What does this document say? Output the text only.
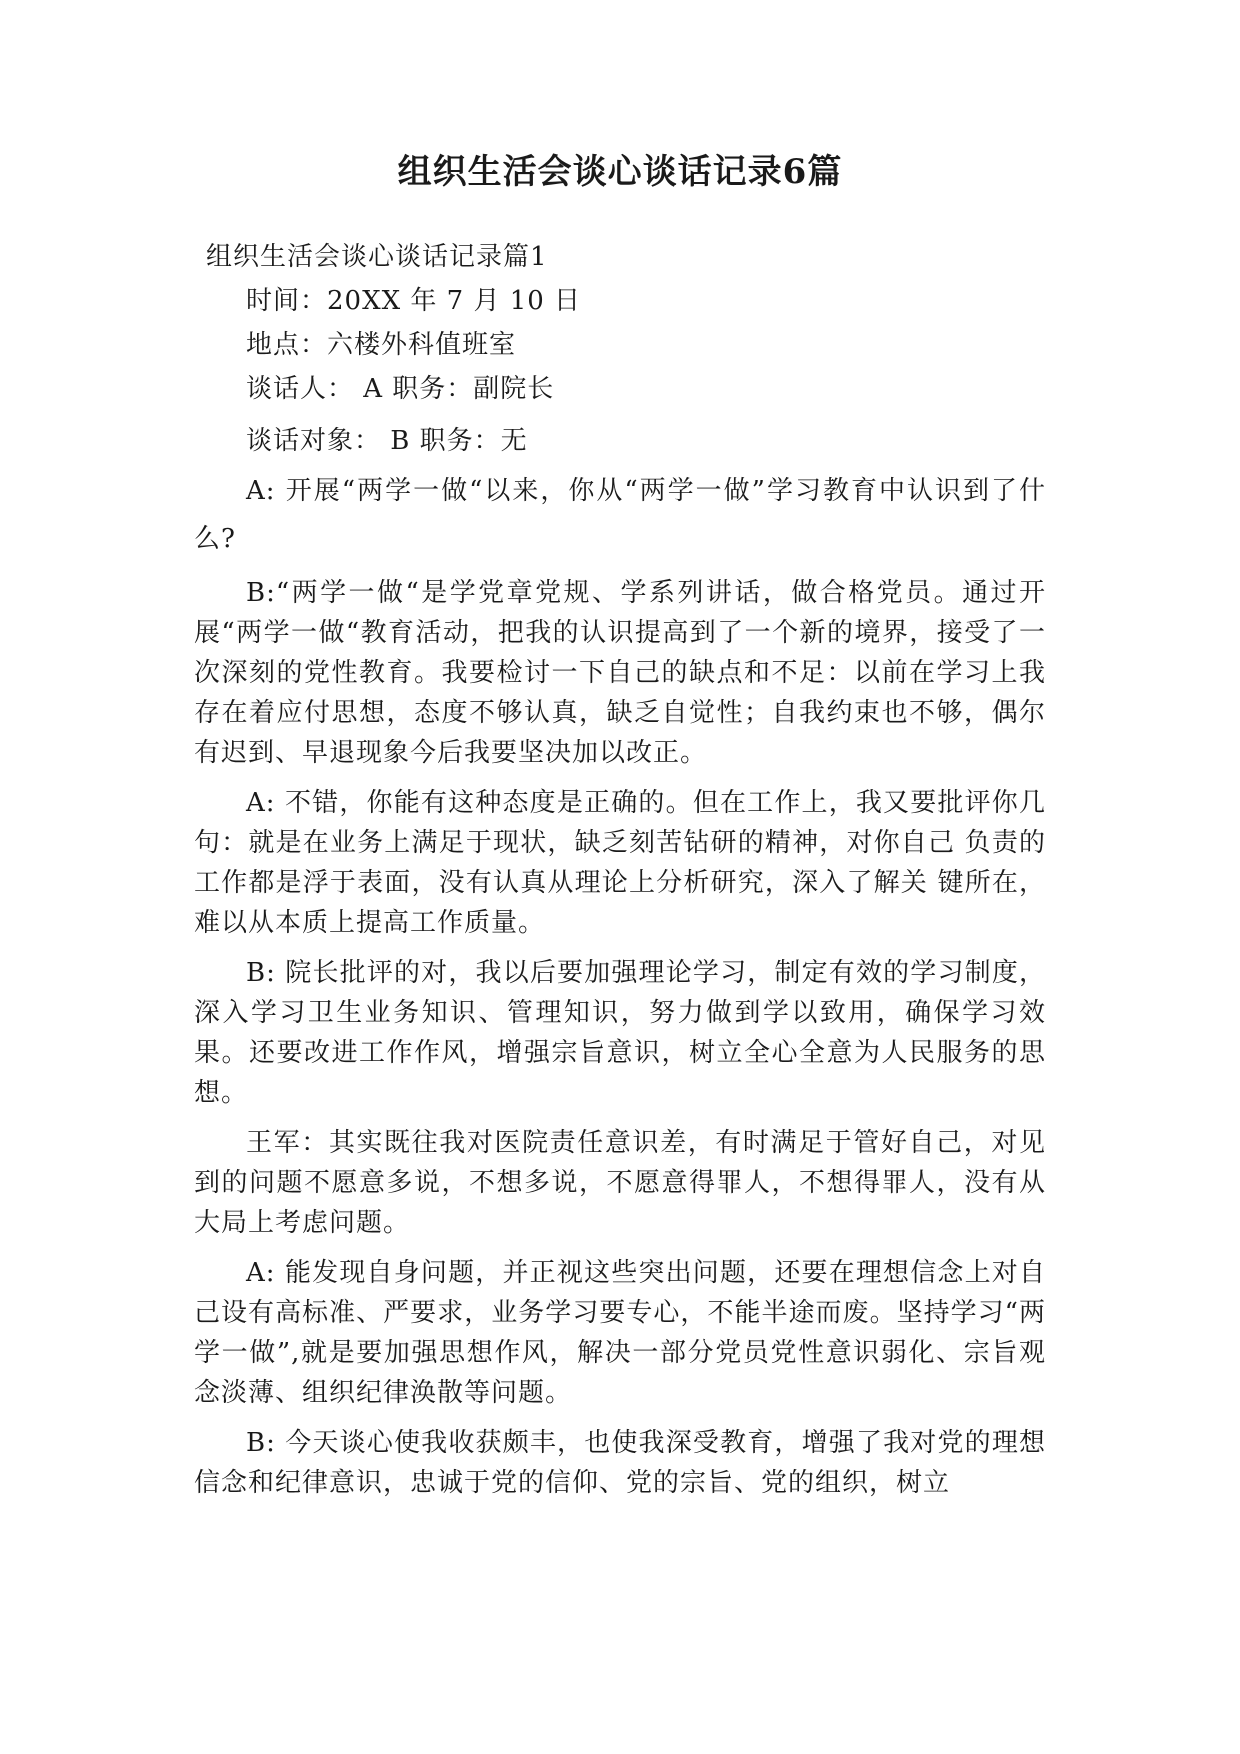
组织生活会谈心谈话记录6篇

组织生活会谈心谈话记录篇1

时间：20XX 年 7 月 10 日

地点：六楼外科值班室

谈话人： A 职务：副院长

谈话对象： B 职务：无

A: 开展“两学一做“以来，你从“两学一做”学习教育中认识到了什么?

B:“两学一做“是学党章党规、学系列讲话，做合格党员。通过开展“两学一做“教育活动，把我的认识提高到了一个新的境界，接受了一次深刻的党性教育。我要检讨一下自己的缺点和不足：以前在学习上我存在着应付思想，态度不够认真，缺乏自觉性；自我约束也不够，偶尔有迟到、早退现象今后我要坚决加以改正。

A: 不错，你能有这种态度是正确的。但在工作上，我又要批评你几句：就是在业务上满足于现状，缺乏刻苦钻研的精神，对你自己 负责的工作都是浮于表面，没有认真从理论上分析研究，深入了解关 键所在，难以从本质上提高工作质量。

B: 院长批评的对，我以后要加强理论学习，制定有效的学习制度，深入学习卫生业务知识、管理知识，努力做到学以致用，确保学习效果。还要改进工作作风，增强宗旨意识，树立全心全意为人民服务的思想。

王军：其实既往我对医院责任意识差，有时满足于管好自己，对见到的问题不愿意多说，不想多说，不愿意得罪人，不想得罪人，没有从大局上考虑问题。

A: 能发现自身问题，并正视这些突出问题，还要在理想信念上对自己设有高标准、严要求，业务学习要专心，不能半途而废。坚持学习“两学一做”,就是要加强思想作风，解决一部分党员党性意识弱化、宗旨观念淡薄、组织纪律涣散等问题。

B: 今天谈心使我收获颇丰，也使我深受教育，增强了我对党的理想信念和纪律意识，忠诚于党的信仰、党的宗旨、党的组织，树立
